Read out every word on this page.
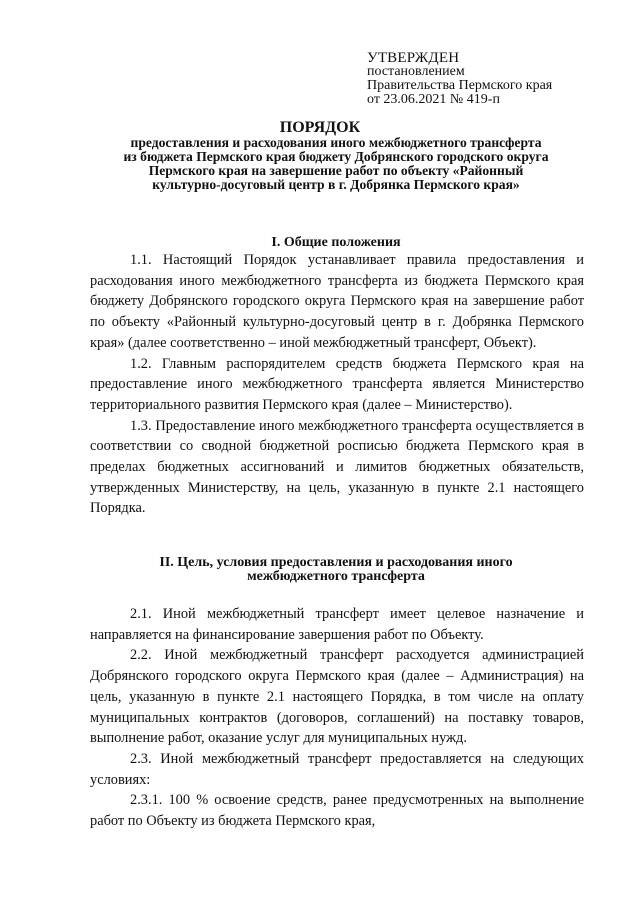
УТВЕРЖДЕН
постановлением
Правительства Пермского края
от 23.06.2021 № 419-п
ПОРЯДОК
предоставления и расходования иного межбюджетного трансферта
из бюджета Пермского края бюджету Добрянского городского округа
Пермского края на завершение работ по объекту «Районный
культурно-досуговый центр в г. Добрянка Пермского края»
I. Общие положения

1.1. Настоящий Порядок устанавливает правила предоставления и расходования иного межбюджетного трансферта из бюджета Пермского края бюджету Добрянского городского округа Пермского края на завершение работ по объекту «Районный культурно-досуговый центр в г. Добрянка Пермского края» (далее соответственно – иной межбюджетный трансферт, Объект).

1.2. Главным распорядителем средств бюджета Пермского края на предоставление иного межбюджетного трансферта является Министерство территориального развития Пермского края (далее – Министерство).

1.3. Предоставление иного межбюджетного трансферта осуществляется в соответствии со сводной бюджетной росписью бюджета Пермского края в пределах бюджетных ассигнований и лимитов бюджетных обязательств, утвержденных Министерству, на цель, указанную в пункте 2.1 настоящего Порядка.

II. Цель, условия предоставления и расходования иного
межбюджетного трансферта

2.1. Иной межбюджетный трансферт имеет целевое назначение и направляется на финансирование завершения работ по Объекту.

2.2. Иной межбюджетный трансферт расходуется администрацией Добрянского городского округа Пермского края (далее – Администрация) на цель, указанную в пункте 2.1 настоящего Порядка, в том числе на оплату муниципальных контрактов (договоров, соглашений) на поставку товаров, выполнение работ, оказание услуг для муниципальных нужд.

2.3. Иной межбюджетный трансферт предоставляется на следующих условиях:

2.3.1. 100 % освоение средств, ранее предусмотренных на выполнение работ по Объекту из бюджета Пермского края,
